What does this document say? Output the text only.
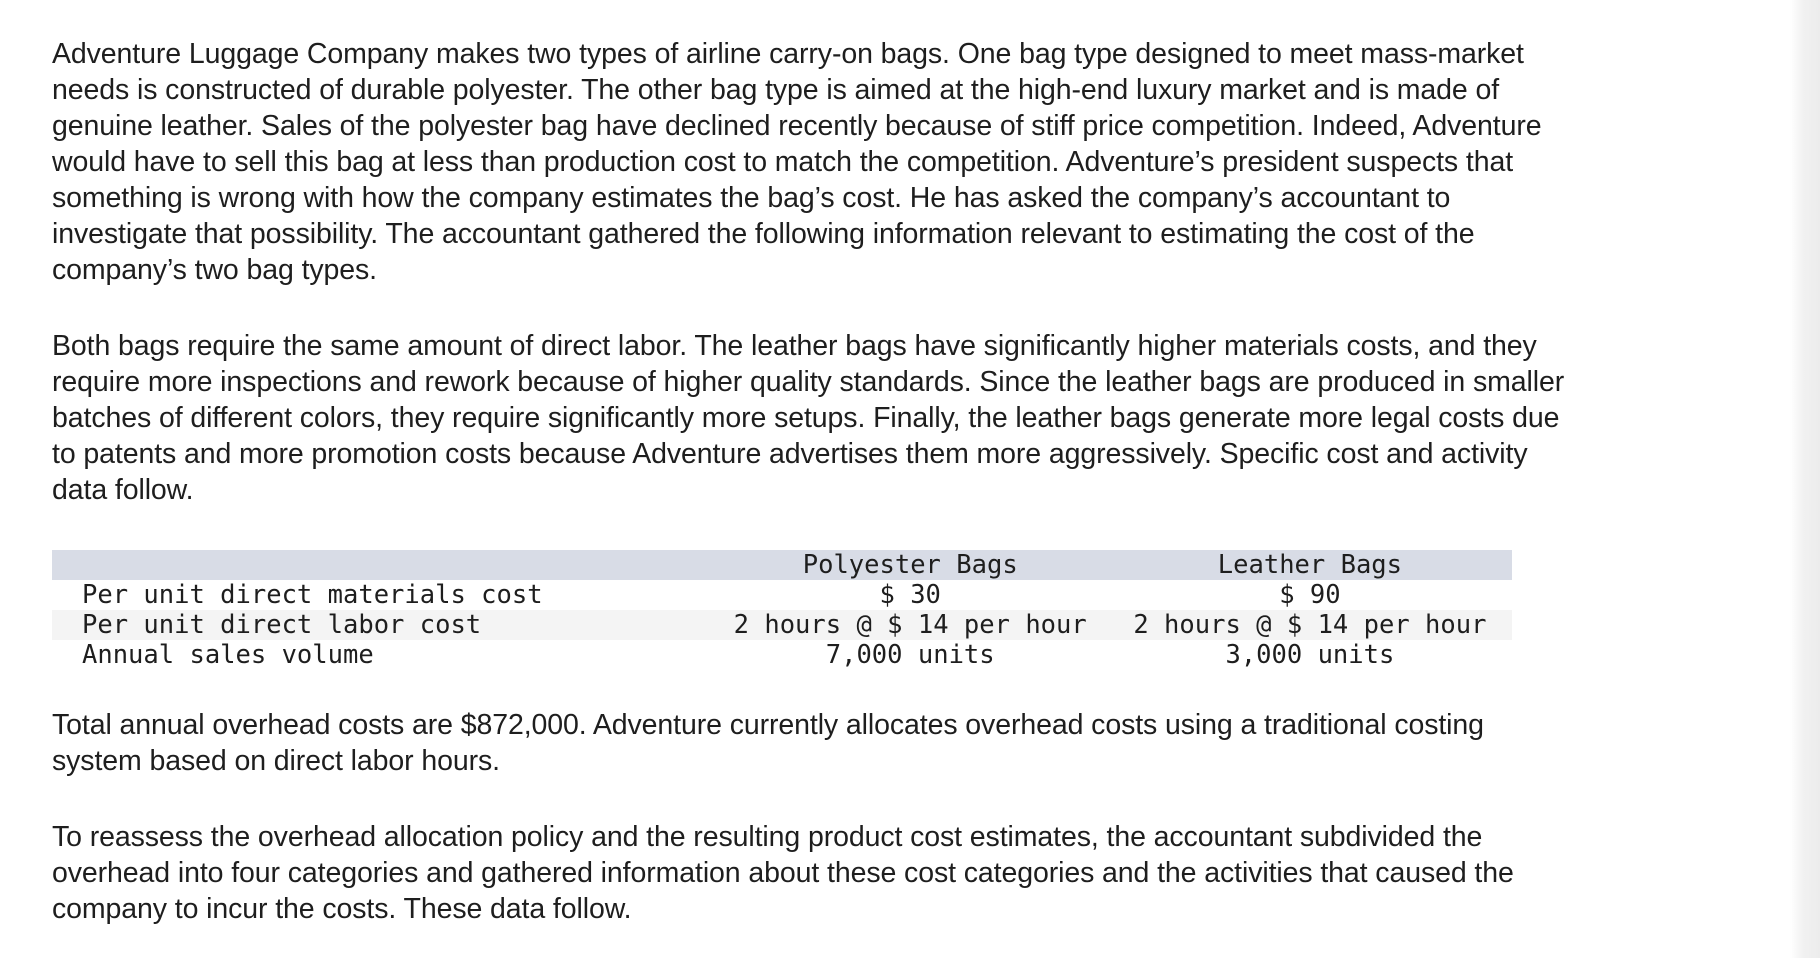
Adventure Luggage Company makes two types of airline carry-on bags. One bag type designed to meet mass-market
needs is constructed of durable polyester. The other bag type is aimed at the high-end luxury market and is made of
genuine leather. Sales of the polyester bag have declined recently because of stiff price competition. Indeed, Adventure
would have to sell this bag at less than production cost to match the competition. Adventure’s president suspects that
something is wrong with how the company estimates the bag’s cost. He has asked the company’s accountant to
investigate that possibility. The accountant gathered the following information relevant to estimating the cost of the
company’s two bag types.

Both bags require the same amount of direct labor. The leather bags have significantly higher materials costs, and they
require more inspections and rework because of higher quality standards. Since the leather bags are produced in smaller
batches of different colors, they require significantly more setups. Finally, the leather bags generate more legal costs due
to patents and more promotion costs because Adventure advertises them more aggressively. Specific cost and activity
data follow.

	Polyester Bags	Leather Bags
Per unit direct materials cost	$ 30	$ 90
Per unit direct labor cost	2 hours @ $ 14 per hour	2 hours @ $ 14 per hour
Annual sales volume	7,000 units	3,000 units

Total annual overhead costs are $872,000. Adventure currently allocates overhead costs using a traditional costing
system based on direct labor hours.

To reassess the overhead allocation policy and the resulting product cost estimates, the accountant subdivided the
overhead into four categories and gathered information about these cost categories and the activities that caused the
company to incur the costs. These data follow.
